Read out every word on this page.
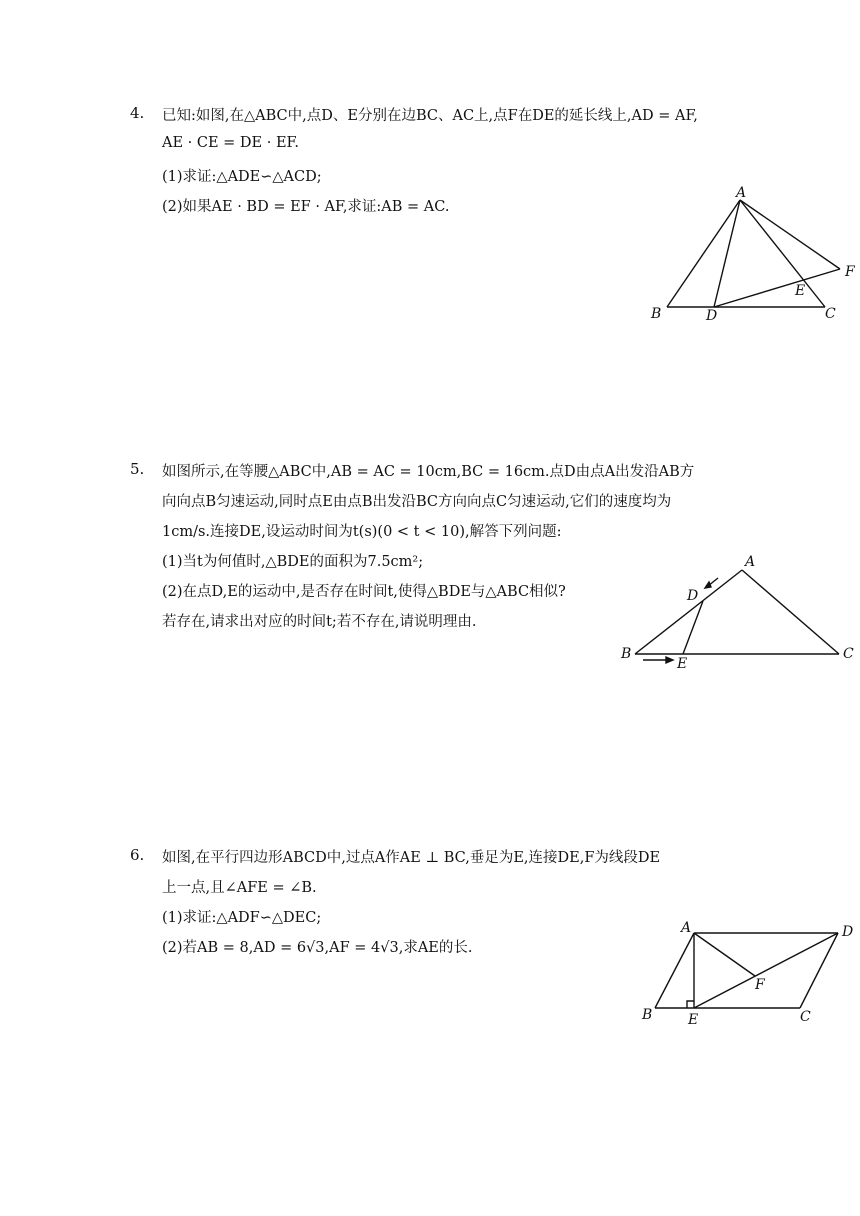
4. 已知:如图,在△ABC中,点D、E分别在边BC、AC上,点F在DE的延长线上,AD = AF,
AE · CE = DE · EF.
(1)求证:△ADE∽△ACD;
(2)如果AE · BD = EF · AF,求证:AB = AC.
A
B	C
D
E
F
5. 如图所示,在等腰△ABC中,AB = AC = 10cm,BC = 16cm.点D由点A出发沿AB方
向向点B匀速运动,同时点E由点B出发沿BC方向向点C匀速运动,它们的速度均为
1cm/s.连接DE,设运动时间为t(s)(0 < t < 10),解答下列问题:
(1)当t为何值时,△BDE的面积为7.5cm²;
(2)在点D,E的运动中,是否存在时间t,使得△BDE与△ABC相似?
若存在,请求出对应的时间t;若不存在,请说明理由.
A
B	C
D
E
6. 如图,在平行四边形ABCD中,过点A作AE ⊥ BC,垂足为E,连接DE,F为线段DE
上一点,且∠AFE = ∠B.
(1)求证:△ADF∽△DEC;
(2)若AB = 8,AD = 6√3,AF = 4√3,求AE的长.
A
B	C
D
E
F
